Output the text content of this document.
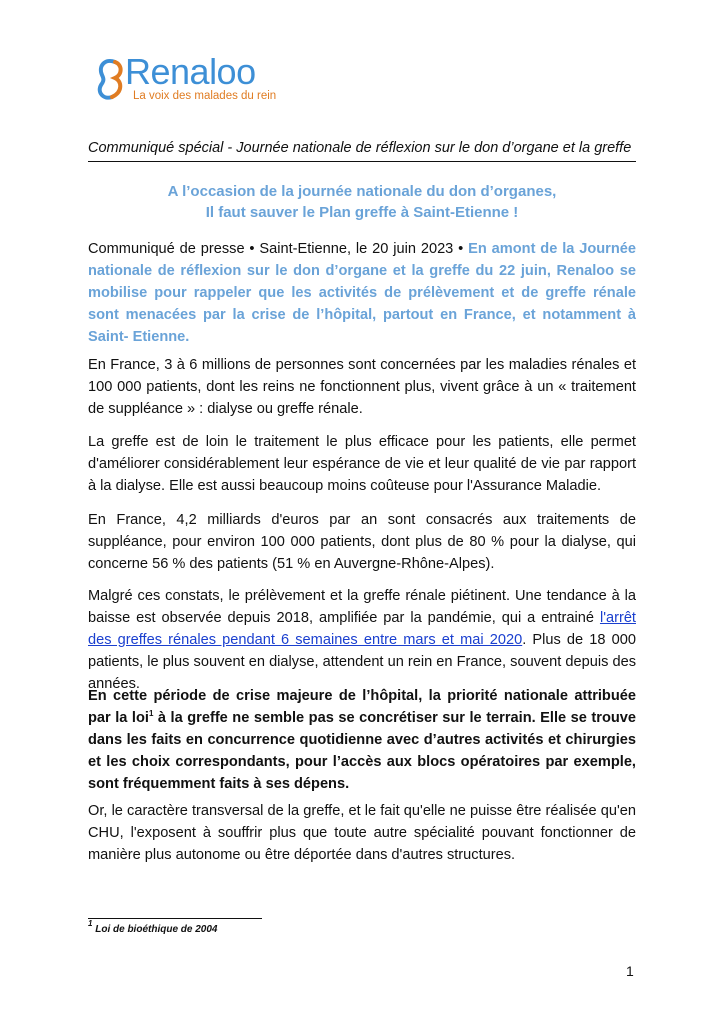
Renaloo
La voix des malades du rein
Communiqué spécial - Journée nationale de réflexion sur le don d’organe et la greffe
A l’occasion de la journée nationale du don d’organes,
Il faut sauver le Plan greffe à Saint-Etienne !
Communiqué de presse • Saint-Etienne, le 20 juin 2023 • En amont de la Journée nationale de réflexion sur le don d’organe et la greffe du 22 juin, Renaloo se mobilise pour rappeler que les activités de prélèvement et de greffe rénale sont menacées par la crise de l’hôpital, partout en France, et notamment à Saint- Etienne.
En France, 3 à 6 millions de personnes sont concernées par les maladies rénales et 100 000 patients, dont les reins ne fonctionnent plus, vivent grâce à un « traitement de suppléance » : dialyse ou greffe rénale.
La greffe est de loin le traitement le plus efficace pour les patients, elle permet d'améliorer considérablement leur espérance de vie et leur qualité de vie par rapport à la dialyse. Elle est aussi beaucoup moins coûteuse pour l'Assurance Maladie.
En France, 4,2 milliards d'euros par an sont consacrés aux traitements de suppléance, pour environ 100 000 patients, dont plus de 80 % pour la dialyse, qui concerne 56 % des patients (51 % en Auvergne-Rhône-Alpes).
Malgré ces constats, le prélèvement et la greffe rénale piétinent. Une tendance à la baisse est observée depuis 2018, amplifiée par la pandémie, qui a entrainé l'arrêt des greffes rénales pendant 6 semaines entre mars et mai 2020. Plus de 18 000 patients, le plus souvent en dialyse, attendent un rein en France, souvent depuis des années.
En cette période de crise majeure de l’hôpital, la priorité nationale attribuée par la loi$^1$ à la greffe ne semble pas se concrétiser sur le terrain. Elle se trouve dans les faits en concurrence quotidienne avec d’autres activités et chirurgies et les choix correspondants, pour l’accès aux blocs opératoires par exemple, sont fréquemment faits à ses dépens.
Or, le caractère transversal de la greffe, et le fait qu'elle ne puisse être réalisée qu'en CHU, l'exposent à souffrir plus que toute autre spécialité pouvant fonctionner de manière plus autonome ou être déportée dans d'autres structures.
$^1$ Loi de bioéthique de 2004
1
